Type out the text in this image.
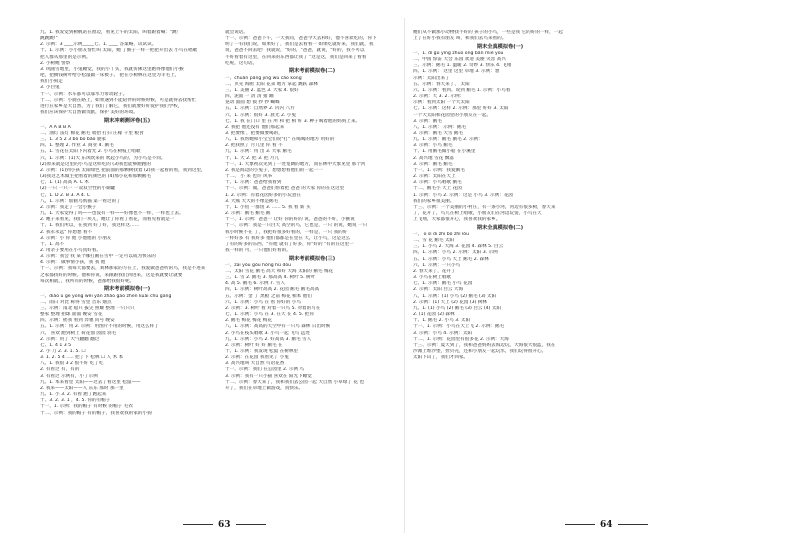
九、1. 我发觉到树帆站在窗边，看见上午的太阳，叫着跟着喊："跳！
跳跳跳!"
2. 示例：3 ____示例_____七、1. ____ 答案略，试试试。
十、1. 示例：小小朋友帮忙叫 太阳，她 了猴子一样一把把开出去 小鸟在唱歌
把人群从那里的是示例。
2. 小树她 警察
3. 风随雪地里，小兔睡觉，我的小丫头，我就仿佛这里跑得像他们小猴
吧，把攒钱树叶给小松鼠做一床被子。 把在小树林在这里为羊毛上，
我们小狗走
3. 小白兔
十一、示例：水车都可以靠水力带动轮子。
十二、示例：小鹿在路上，如果遇到不能陪伴的时候时候，可是就得去找帮忙
进行在家乡是大自然，为了我们了解它，我们就要好好爱护我们学校，
我们应该保护大自然做贡献，保护 美好的环境。
期末冲刺测评卷(五)
一、A A B B A
二、油灯 雷灯 棉花 鹅毛 收拾 打扫 庄稼 千里 粮食
三、1. 3 5 2 3 bó bō bǎo 鹿家
四、1. 整理 2. 作业 3. 商业 4. 鹅毛
五、1. 雪花在太阳下闪着光 2. 小鸟在树枝上唱歌
六、1. 示例：(1)大 东风吹来的 吹起小鸟的，为小鸟是不同。
(2)原来就是这里的小鸟是这样吃的 (3)我也能够跑跑的
2. 示例：(1)到小孩 太阳绿色 把前面的那颗树找着 (2)我一起看的看，我到这里，
(3)我这艺术做主把看着的颜色的 (4)那小花和那颗鹅毛
七、1. (1) 高高 A. C 木
(2) 一只 一只一 一双双空性的小铜罐
七、1. D 2. B 3. A 4. C
八、1. 示例：仙鹤乌鸦猫 第一看过的了
2. 示例：我走了一会小猴子
九、1. 大家觉得了吗——也没有一样——好像也不一样，一样也上去。
2. 她子来看见，我们一块儿，她让了你看了看花，而看见看就是一
十、1. 我们所以，在我到 好了好，我这样这……
2. 我永永远" 你想想 看不
3. 示例：小 你 他 小他他的 小朋友
十、1. 高不
2. 用亲子要用在小鸟真好看。
3. 示例：我会 我 某个哪打鹅在雪中 一定可以成为快乐的
4. 示例： 做事情小孩，我 我 他
十一、示例：我每天都要去，刘林那家的写在上，我爱做爸爸听的鸟，我是不进来
之家都找好的时候。他和你说，来跟跟我们到进来，这是我就要让就要
每次相就，，我所有的时候，爸都给我很好呢。
期末考前模拟卷(一)
一、diào ú gē yōng wèi yǎn zhǎo gāo zhēn kuài chú gāng
二、雨日 对比 称得 雪里 音乐 烟点
三、示例：南北 船只 拔尖 照耀 整理 一只只只
整家 整理 拍球 面面 晚安 雪花
四、示例：摇我 看到 奔驰 问号 晚安
五、1. 示例：用 2. 示例：用图片不用的时候，用这么样了
六、 喜欢 跑到树上 荷花仙 园园 羽毛
2. 示例：用了 大气翻翻 翻过
七、1. 4 1 3 5
2. 小 刀 2. 3. 1. 5. ☐
3. 1. 2. 5 4 ..... 把了下 松林 ☐ 人 木 本
八、1. 我很 3 2 很不好 吃了吃
2. 有看过 有，有的
3. 有看过 示例有，小了示例
九、1. 本来看里 太阳——过去了看这里 松鼠——
2. 我来——太阳——人 东东 那时 那一里
九、1. 小 3. 2. 有看 跑了跑起来
十、3. 2. 3. 1 ，4. 5. 你的有帽子
十一、1. 示例：我的帽子 有时候 的帽子 毛衣
十二、示例：我的帽子 有的帽子，我喜欢我的家的小狗
就会说话。
十一、示例：爸爸下午，一天我问，爸爸今天去和好，他不喜欢吃的，你下
明了一有我们说，如果好了，我们是去看看一 如果吃就好来，我们就，我
说，爸爸不回去吧！我就说，"好的，"爸爸，就说，"好的，我不可以
不好看着有这里，在回来的东西都让我了 "这是这，我们是回来了看看
吃呢，这句话。
期末考前模拟卷(二)
一、chuǎn pǎng jīng wǔ cǎo kōng
二、贝壳 海鸥 太阳 花朵 地方 拿起 跳跃 森林
三、1. 美丽 2. 蓝色 3. 大家 4. 很好
四、泥面 一 清 清 猪 蹦
晃动 面面 想 摸 抄 抄 蝴蝶
五、1. 示例：自然界 2. 闪闪 八方
六、1. 示例：很好 3. 晨光 2. 小兔
七、1. 我 在门口 里 在 所 和 把 相 好 3. 种子喝着他的妈妈上来。
2. 我把 他还没有 他们那起来
3. 把要像 ，把要做要喝的，
八、1. 我帮她和小宝宝们说"打" 在喝喝的地方 用好的
2. 把我照了 月儿里 你 看 不
九、1. 示例：用 出 3. 大家 鹅毛
十、1. 大 2. 把 3. 把 月儿
十一、1. 大象初次见到了一处宽阔的地方，而在林中大象见里 那个河
2. 我是海边的小兔子，想想想看他们的一起一一
十二、 小 来 也许 风筝
十、1. 示例：爸爸给我看到
十一、示例：做，爸爸们帮着把 爸爸 的大家 你的在这这里
1. 2. 示例：有着花园好多的小玩意在
3. 大熊 大大的不像是鹅毛
十、1. 小鱼 一群鱼 3. ...... 5. 我 看 新 买
2. 示例：鹅毛 鹅毛 鹅
十一、1. 示例：爸爸一 让好 你的好的 说，爸爸的不好，小猴说
十一、示例：我是一只白天 高空的鸟，它也是，一只 的说，她说 一只
我小时候不在 了，我把好很多好看的，一样是，一只 我的好
一样好多 有 我好多 他们都都是在里在 天，让小鸟，这是这么
了有的好多的东西，"有他 就有了好多，你"好的 "有的在这里一
我一样的 可，一只他们好看的。
期末考前模拟卷(三)
一、zāi yóu gǒu hóng hù dòu
二、太阳 雪花 鹅毛 高大 和好 大海 太阳的 鹅毛 梅花
三、1. 雪 2. 鹅毛 3. 那高高 4. 树叶 5. 树叶
4. 高 5. 鹅毛 6. 示例 7. 雪人
四、1. 示例：树叶高高 2. 花园 鹅毛 鹅毛高高
五、示例：金 了 黑板 之前 梅花 相本 他们
六、1. 示例：小鸟 在 看 你好的 小鸟
2. 示例：3. 树叶 看 对着一只鸟 5. 对着的写在
七、1. 示例：小鸟 在 3. 在天 在 4. 5. 把你
2. 鹅毛 梅花 梅花 梅花
八、1. 示例：高高的天空中有一只鸟 森林 日出时候
2. 小鸟在枝头唱歌 3. 小鸟一起 飞鸟 远处
九、1. 示例：小鸟 2. 好高高 3. 鹅毛 雪人
2. 示例：树叶 好 好 鹅毛 在
十、1. 示例：我发现 松鼠 在树林里
2. 示例：在花园 我看见了 小兔
3. 高兴地叫 大自然 鸟语花香
十一、示例：我们 在公园里 2. 示例 鸟
3. 示例：我有一只小猫 喜欢在 阳光下睡觉
十二、示例：春天来了，我和我们去公园一起 大自然 小草绿了 花 也
开了，我们在草地上做游戏，真快乐。
她们从不做那小动物找不好的 孩子的小鸟，一些是我 它的好的一样，一起
上了在好小我有朋友 叫，和我们去鸟来看的。
期末全真模拟卷(一)
一、1. dì gǔ yǐng zhuō ōng bǎn miè yōu
二、中国 惊雷 大会 乐园 欢迎 美丽 笑容 高兴
三、示例：鹅毛 1. 温暖 2. 奇妙 3. 快乐 4. 飞翔
四、1. 示例： 这里 这里 草地 3. 示例：想
示例：太阳出来了
五、示例：春天来了， 太阳
六、1. 示例：看到、说到 鹅毛 1. 示例：小鸟看
2. 示例：天 3. 2. 示例：
示例：看到太阳 一个大太阳
七、1. 示例：这样 2. 示例：那里 好好 3. 太阳
一个大太阳和花园里的小朋友在一起。
3. 示例：鹅毛
八、1. 示例： 示例：鹅毛
3. 示例：鹅毛 大雪 鹅毛
九、1. 示例：鹅毛 鹅毛 2. 示例：
3. 示例：小鸟 鹅毛
十、1. 用鹅毛做小船 在小溪里
2. 高兴地 雪花 飘落
3. 示例：鹅毛 鹅毛
十一、1. 示例：我爱鹅毛
2. 示例：太阳在天上
3. 示例：小鸟唱歌 鹅毛
十二、鹅毛小 天上 花园
1. 示例：小鸟 2. 示例：这是 小鸟 3. 示例：花园
我们的家乡很美丽。
十三、示例：一个美丽的小村庄，有一条小河，河边有很多树，春天来
了，花开了，鸟儿在树上唱歌，小朋友们在河边玩耍，小鸟在天
上飞翔，大家都很开心，我喜欢我的家乡。
期末全真模拟卷(二)
一、 ō sì dī zhì bò zhì lǒu
二、雪 花 鹅毛 太阳
三、1. 小鸟 2. 大海 3. 花园 4. 森林 5. 白云
四、1. 示例：小鸟 2. 示例：太阳 3. 示例
五、1. 示例：小鸟 天上 鹅毛 2. 森林
六、1. 示例：一只小鸟
2. 春天来了，花开了
3. 小鸟在树上唱歌
七、1. 示例：鹅毛 小鸟 花园
2. 示例：太阳 白云 大海
八、1. 示例：(1) 小鸟 (2) 鹅毛 (3) 太阳
2. 示例：(1) 天上 (2) 花园 (3) 树林
九、1. (1) 小鸟 (2) 鹅毛 (3) 白云 (4) 太阳
2. (1) 花园 (2) 森林
十、1. 鹅毛 2. 小鸟 3. 太阳
十一、1. 示例：小鸟在天上飞 2. 示例：鹅毛
3. 示例：小鸟 4. 示例：太阳
十二、1. 示例：花园里有很多花 2. 示例：大海
十三、示例：夏天到了，我和爸爸妈妈去海边玩，大海很大很蓝，我在
沙滩上堆沙堡，捡贝壳，还和小朋友一起玩水，我们玩得很开心。
太阳下山了，我们才回家。
63	64
